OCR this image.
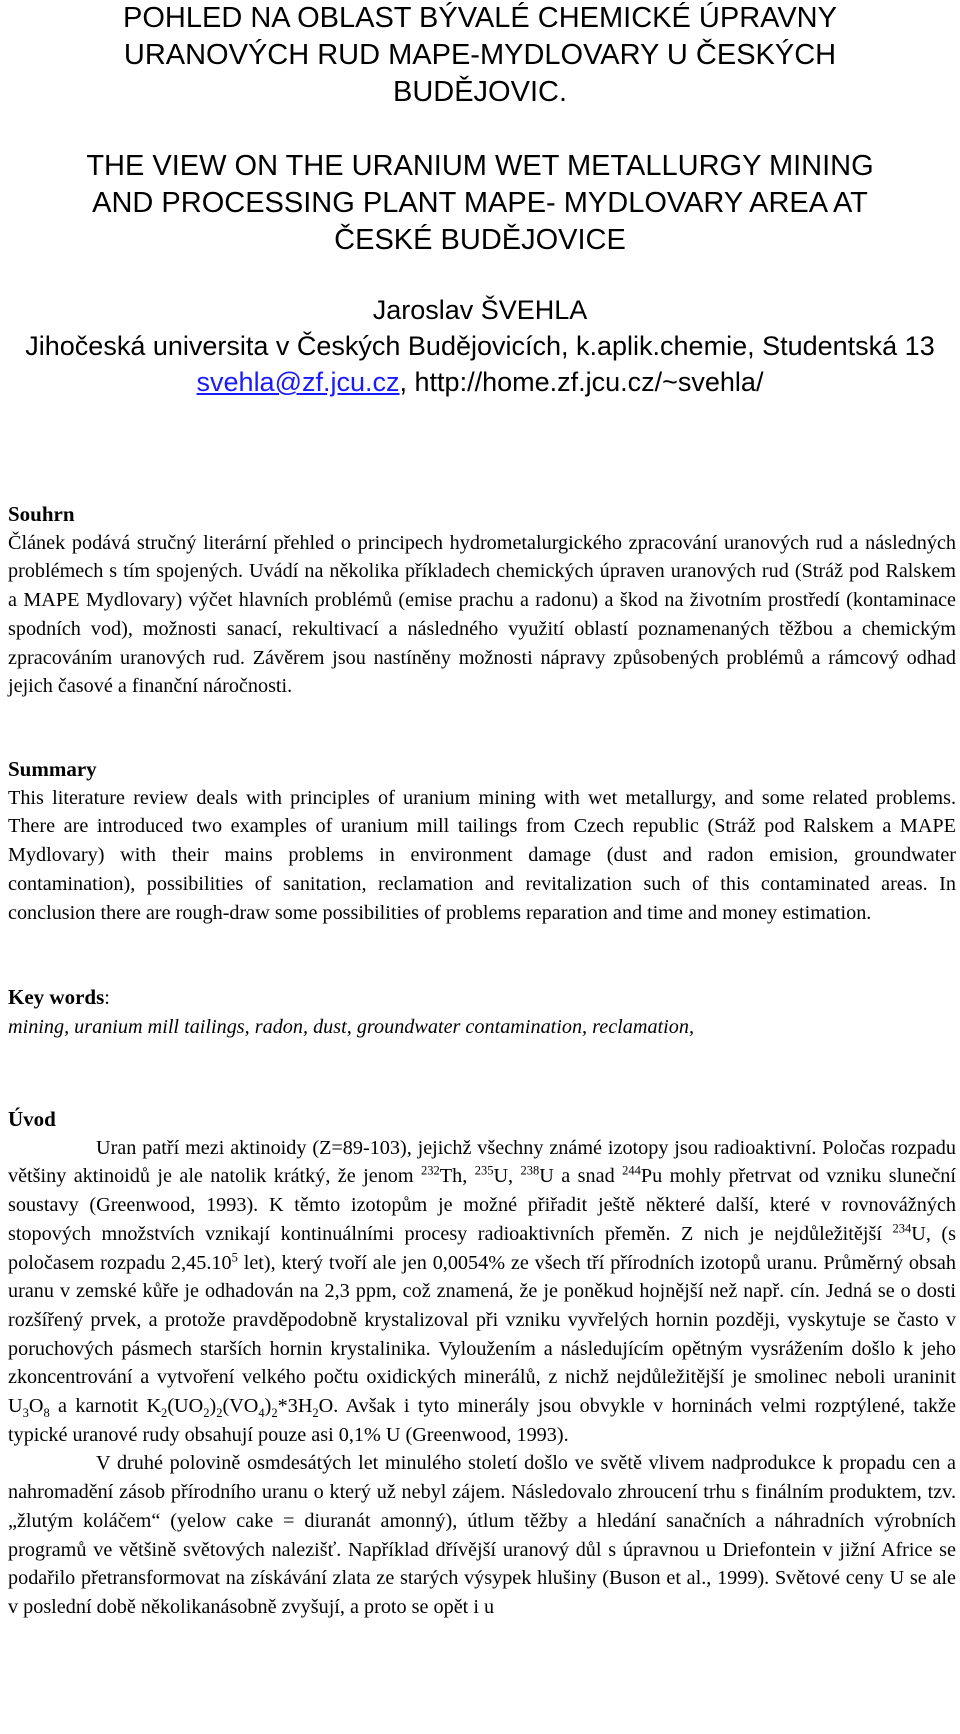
POHLED NA OBLAST BÝVALÉ CHEMICKÉ ÚPRAVNY
URANOVÝCH RUD MAPE-MYDLOVARY U ČESKÝCH
BUDĚJOVIC.
THE VIEW ON THE URANIUM WET METALLURGY MINING
AND PROCESSING PLANT MAPE- MYDLOVARY AREA AT
ČESKÉ BUDĚJOVICE
Jaroslav ŠVEHLA
Jihočeská universita v Českých Budějovicích, k.aplik.chemie, Studentská 13
svehla@zf.jcu.cz, http://home.zf.jcu.cz/~svehla/
Souhrn

Článek podává stručný literární přehled o principech hydrometalurgického zpracování uranových rud a následných problémech s tím spojených. Uvádí na několika příkladech chemických úpraven uranových rud (Stráž pod Ralskem a MAPE Mydlovary) výčet hlavních problémů (emise prachu a radonu) a škod na životním prostředí (kontaminace spodních vod), možnosti sanací, rekultivací a následného využití oblastí poznamenaných těžbou a chemickým zpracováním uranových rud. Závěrem jsou nastíněny možnosti nápravy způsobených problémů a rámcový odhad jejich časové a finanční náročnosti.

Summary

This literature review deals with principles of uranium mining with wet metallurgy, and some related problems. There are introduced two examples of uranium mill tailings from Czech republic (Stráž pod Ralskem a MAPE Mydlovary) with their mains problems in environment damage (dust and radon emision, groundwater contamination), possibilities of sanitation, reclamation and revitalization such of this contaminated areas. In conclusion there are rough-draw some possibilities of problems reparation and time and money estimation.

Key words:
mining, uranium mill tailings, radon, dust, groundwater contamination, reclamation,
Úvod

Uran patří mezi aktinoidy (Z=89-103), jejichž všechny známé izotopy jsou radioaktivní. Poločas rozpadu většiny aktinoidů je ale natolik krátký, že jenom $^{232}$Th, $^{235}$U, $^{238}$U a snad $^{244}$Pu mohly přetrvat od vzniku sluneční soustavy (Greenwood, 1993). K těmto izotopům je možné přiřadit ještě některé další, které v rovnovážných stopových množstvích vznikají kontinuálními procesy radioaktivních přeměn. Z nich je nejdůležitější $^{234}$U, (s poločasem rozpadu 2,45.10$^5$ let), který tvoří ale jen 0,0054% ze všech tří přírodních izotopů uranu. Průměrný obsah uranu v zemské kůře je odhadován na 2,3 ppm, což znamená, že je poněkud hojnější než např. cín. Jedná se o dosti rozšířený prvek, a protože pravděpodobně krystalizoval při vzniku vyvřelých hornin později, vyskytuje se často v poruchových pásmech starších hornin krystalinika. Vyloužením a následujícím opětným vysrážením došlo k jeho zkoncentrování a vytvoření velkého počtu oxidických minerálů, z nichž nejdůležitější je smolinec neboli uraninit $U_3O_8$ a karnotit $K_2(UO_2)_2(VO_4)_2*3H_2O$. Avšak i tyto minerály jsou obvykle v horninách velmi rozptýlené, takže typické uranové rudy obsahují pouze asi 0,1% U (Greenwood, 1993).

V druhé polovině osmdesátých let minulého století došlo ve světě vlivem nadprodukce k propadu cen a nahromadění zásob přírodního uranu o který už nebyl zájem. Následovalo zhroucení trhu s finálním produktem, tzv. „žlutým koláčem“ (yelow cake = diuranát amonný), útlum těžby a hledání sanačních a náhradních výrobních programů ve většině světových nalezišť. Například dřívější uranový důl s úpravnou u Driefontein v jižní Africe se podařilo přetransformovat na získávání zlata ze starých výsypek hlušiny (Buson et al., 1999). Světové ceny U se ale v poslední době několikanásobně zvyšují, a proto se opět i u
